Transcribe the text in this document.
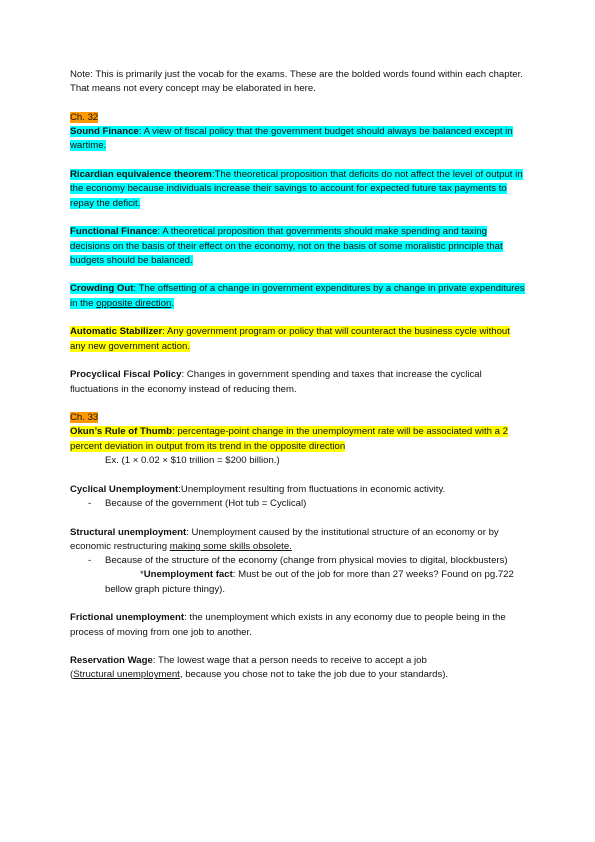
Note: This is primarily just the vocab for the exams. These are the bolded words found within each chapter. That means not every concept may be elaborated in here.

Ch. 32

Sound Finance: A view of fiscal policy that the government budget should always be balanced except in wartime.

Ricardian equivalence theorem:The theoretical proposition that deficits do not affect the level of output in the economy because individuals increase their savings to account for expected future tax payments to repay the deficit.

Functional Finance: A theoretical proposition that governments should make spending and taxing decisions on the basis of their effect on the economy, not on the basis of some moralistic principle that budgets should be balanced.

Crowding Out: The offsetting of a change in government expenditures by a change in private expenditures in the opposite direction.

Automatic Stabilizer: Any government program or policy that will counteract the business cycle without any new government action.

Procyclical Fiscal Policy: Changes in government spending and taxes that increase the cyclical fluctuations in the economy instead of reducing them.

Ch. 33

Okun’s Rule of Thumb: percentage-point change in the unemployment rate will be associated with a 2 percent deviation in output from its trend in the opposite direction

Ex. (1 × 0.02 × $10 trillion = $200 billion.)

Cyclical Unemployment:Unemployment resulting from fluctuations in economic activity.

- Because of the government (Hot tub = Cyclical)

Structural unemployment: Unemployment caused by the institutional structure of an economy or by economic restructuring making some skills obsolete.

- Because of the structure of the economy (change from physical movies to digital, blockbusters)

*Unemployment fact: Must be out of the job for more than 27 weeks? Found on pg.722 bellow graph picture thingy).

Frictional unemployment: the unemployment which exists in any economy due to people being in the process of moving from one job to another.

Reservation Wage: The lowest wage that a person needs to receive to accept a job

(Structural unemployment, because you chose not to take the job due to your standards).
